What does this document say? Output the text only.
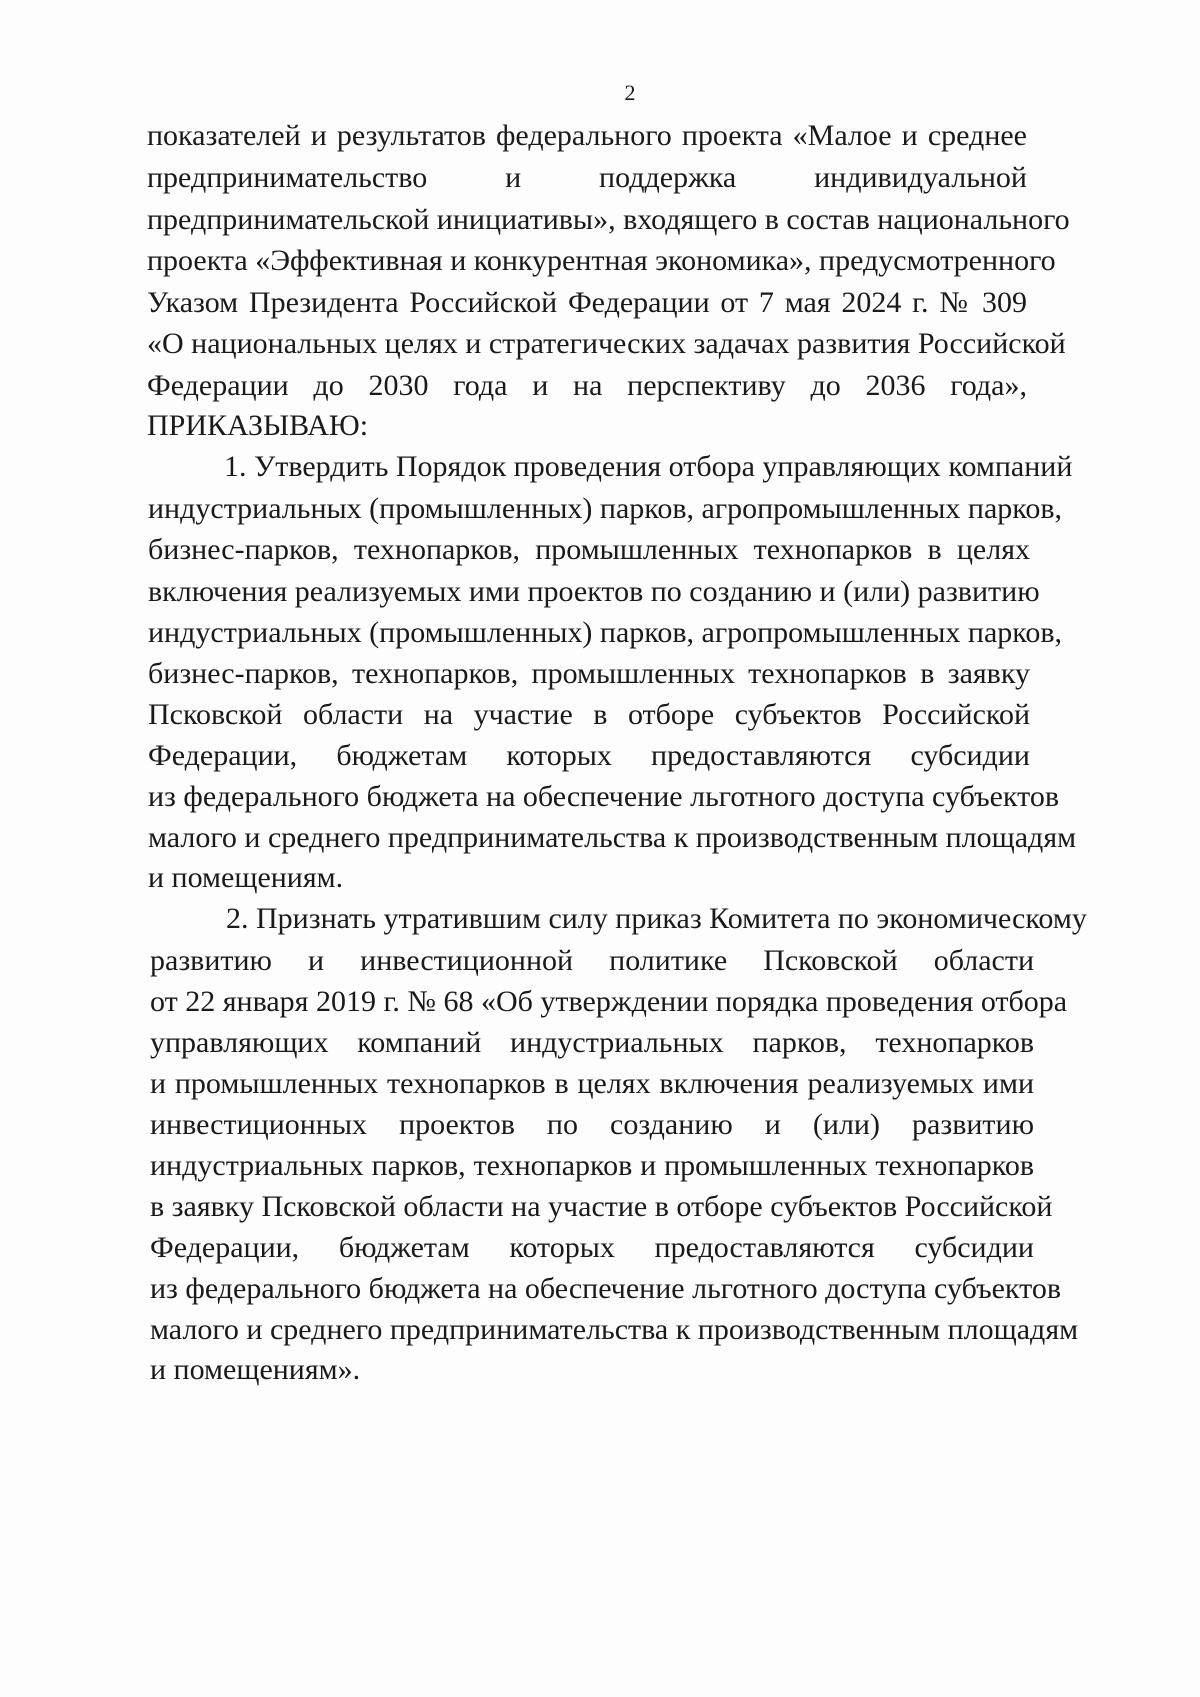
2
показателей и результатов федерального проекта «Малое и среднее
предпринимательство и поддержка индивидуальной
предпринимательской инициативы», входящего в состав национального
проекта «Эффективная и конкурентная экономика», предусмотренного
Указом Президента Российской Федерации от 7 мая 2024 г. № 309
«О национальных целях и стратегических задачах развития Российской
Федерации до 2030 года и на перспективу до 2036 года»,
ПРИКАЗЫВАЮ:
1. Утвердить Порядок проведения отбора управляющих компаний
индустриальных (промышленных) парков, агропромышленных парков,
бизнес-парков, технопарков, промышленных технопарков в целях
включения реализуемых ими проектов по созданию и (или) развитию
индустриальных (промышленных) парков, агропромышленных парков,
бизнес-парков, технопарков, промышленных технопарков в заявку
Псковской области на участие в отборе субъектов Российской
Федерации, бюджетам которых предоставляются субсидии
из федерального бюджета на обеспечение льготного доступа субъектов
малого и среднего предпринимательства к производственным площадям
и помещениям.
2. Признать утратившим силу приказ Комитета по экономическому
развитию и инвестиционной политике Псковской области
от 22 января 2019 г. № 68 «Об утверждении порядка проведения отбора
управляющих компаний индустриальных парков, технопарков
и промышленных технопарков в целях включения реализуемых ими
инвестиционных проектов по созданию и (или) развитию
индустриальных парков, технопарков и промышленных технопарков
в заявку Псковской области на участие в отборе субъектов Российской
Федерации, бюджетам которых предоставляются субсидии
из федерального бюджета на обеспечение льготного доступа субъектов
малого и среднего предпринимательства к производственным площадям
и помещениям».
